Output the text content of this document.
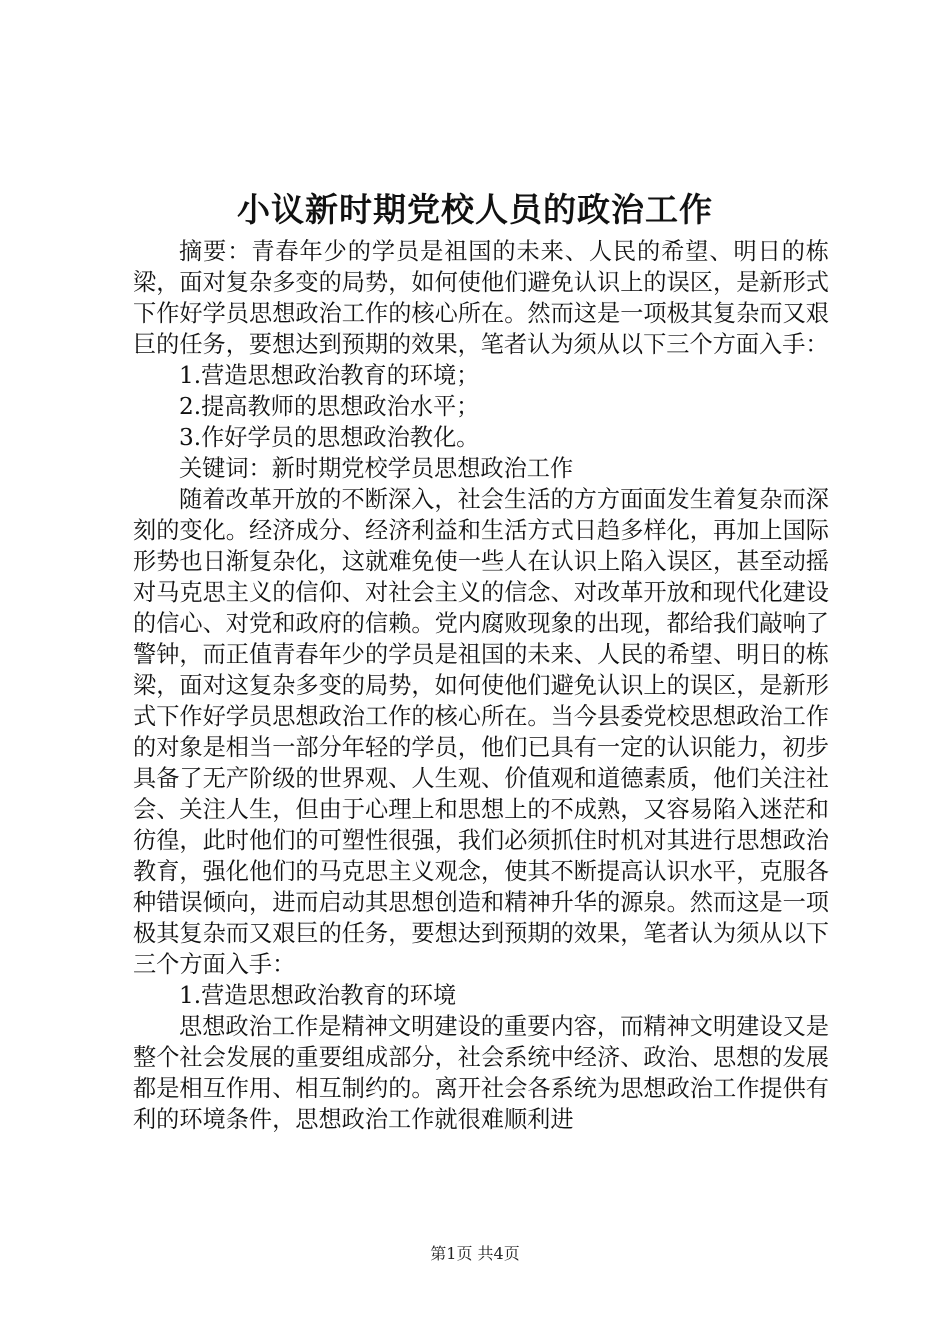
小议新时期党校人员的政治工作

摘要：青春年少的学员是祖国的未来、人民的希望、明日的栋梁，面对复杂多变的局势，如何使他们避免认识上的误区，是新形式下作好学员思想政治工作的核心所在。然而这是一项极其复杂而又艰巨的任务，要想达到预期的效果，笔者认为须从以下三个方面入手：

1.营造思想政治教育的环境；

2.提高教师的思想政治水平；

3.作好学员的思想政治教化。

关键词：新时期党校学员思想政治工作

随着改革开放的不断深入，社会生活的方方面面发生着复杂而深刻的变化。经济成分、经济利益和生活方式日趋多样化，再加上国际形势也日渐复杂化，这就难免使一些人在认识上陷入误区，甚至动摇对马克思主义的信仰、对社会主义的信念、对改革开放和现代化建设的信心、对党和政府的信赖。党内腐败现象的出现，都给我们敲响了警钟，而正值青春年少的学员是祖国的未来、人民的希望、明日的栋梁，面对这复杂多变的局势，如何使他们避免认识上的误区，是新形式下作好学员思想政治工作的核心所在。当今县委党校思想政治工作的对象是相当一部分年轻的学员，他们已具有一定的认识能力，初步具备了无产阶级的世界观、人生观、价值观和道德素质，他们关注社会、关注人生，但由于心理上和思想上的不成熟，又容易陷入迷茫和彷徨，此时他们的可塑性很强，我们必须抓住时机对其进行思想政治教育，强化他们的马克思主义观念，使其不断提高认识水平，克服各种错误倾向，进而启动其思想创造和精神升华的源泉。然而这是一项极其复杂而又艰巨的任务，要想达到预期的效果，笔者认为须从以下三个方面入手：

1.营造思想政治教育的环境

思想政治工作是精神文明建设的重要内容，而精神文明建设又是整个社会发展的重要组成部分，社会系统中经济、政治、思想的发展都是相互作用、相互制约的。离开社会各系统为思想政治工作提供有利的环境条件，思想政治工作就很难顺利进

第1页 共4页
